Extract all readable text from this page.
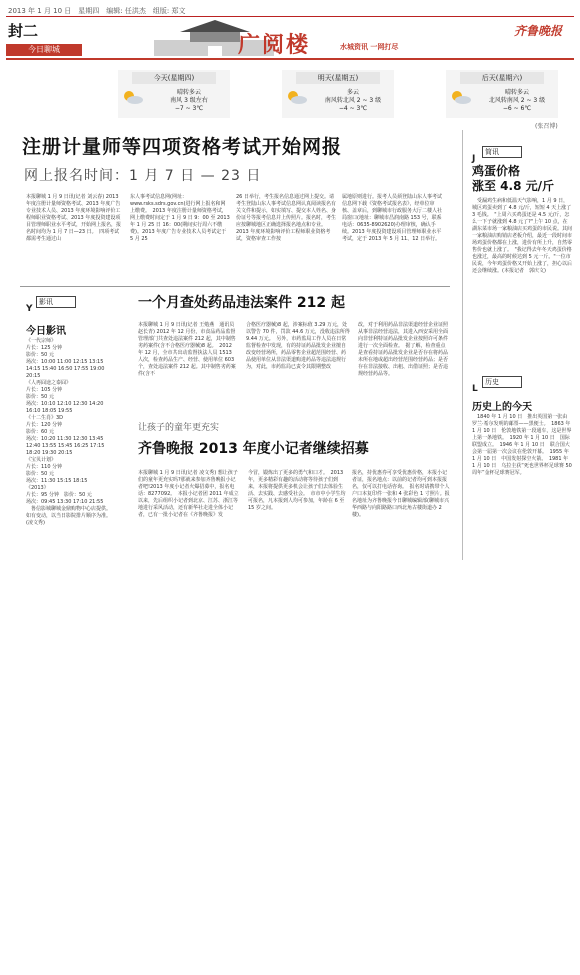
2013 年 1 月 10 日　星期四　编辑: 任洪杰　组版: 郑文
封二
今日聊城	广阅楼	水城资讯 一网打尽
齐鲁晚报
今天(星期四)
晴转多云
南风 3 级左右
−7 ~ 3℃
明天(星期五)
多云
南风转北风 2 ~ 3 级
−4 ~ 3℃
后天(星期六)
晴转多云
北风转南风 2 ~ 3 级
−6 ~ 6℃
(张召博)
注册计量师等四项资格考试开始网报
网上报名时间：1 月 7 日 — 23 日
本报聊城 1 月 9 日讯(记者 刘云春) 2013 年度注册计量师资格考试、2013 年度广告专业技术人员、2013 年度环境影响评价工程师职业资格考试、2013 年度投资建设项目管理师职业水平考试，开始网上报名，报名时间均为 1 月 7 日—23 日。　四项考试都需考生通过山
东人事考试信息网(网址：www.rsks.sdrs.gov.cn)进行网上报名和网上缴费。　2013 年度注册计量师资格考试，网上缴费时间定于 1 月 9 日 9：00 至 2013 年 1 月 25 日 16：00(期间实行周六不缴费)。2013 年度广告专业技术人员考试定于 5 月 25
26 日举行，考生报名信息通过网上提交。请考生登陆山东人事考试信息网认真阅读报名有关文件和提示，如实填写、提交本人姓名、身份证号等报考信息并上传照片。报名时，考生应按聊城地区正确选择报名地点和专业。　2013 年度环境影响评价工程师职业资格考试，资格审查工作按
属地原则进行。报考人员须登陆山东人事考试信息网下载《资格考试报名表》，经单位审核、盖章后，到聊城市行政服务大厅二楼人社局窗口(地址：聊城市昌润南路 153 号，联系电话：0635-8902620)办理审核，确认手续。2013 年度投资建设项目管理师职业水平考试，定于 2013 年 5 月 11、12 日举行。
Y影讯
今日影讯
《一代宗师》
片长：125 分钟
影价：50 元
场次：10:00 11:00 12:15 13:15 14:15 15:40 16:50 17:55 19:00 20:15
《人再囧途之泰囧》
片长：105 分钟
影价：50 元
场次：10:10 12:10 12:30 14:20 16:10 18:05 19:55
《十二生肖》3D
片长：120 分钟
影价：60 元
场次：10:20 11:30 12:30 13:45 12:40 13:55 15:45 16:25 17:15 18:20 19:30 20:15
《宝贝计划》
片长：110 分钟
影价：50 元
场次：11:30 15:15 18:15
《2013》
片长：95 分钟　影价：50 元
场次：09:45 13:30 17:10 21:55
　鲁信影城聊城金鼎购物中心店提供。如有变动，以当日影院排片顺序为准。　(凌文秀)
一个月查处药品违法案件 212 起
本报聊城 1 月 9 日讯(记者 王勉燕　通讯员 赵长青) 2012 年 12 月份，市食品药品监督管理部门共查处违法案件 212 起，其中制售劣药案件(含不合格医疗器械)8 起。　2012 年 12 月，全市共出动监督执法人员 1513 人次，检查药品生产、经营、使用单位 603 个，查处违法案件 212 起。其中制售劣药案件(含不
合格医疗器械)8 起，涉案标值 3.29 万元，处以警告 70 件，罚款 44.6 万元，没收违法所得 9.44 万元。　另外，市药监局工作人员在日常监督检查中发现，有的持证药品批发企业擅自改变经营场所，药品零售企业超范围经营、药品使用单位从非法渠道购进药品等违法违规行为，对此，市药监局已责令其限期整改
改，对于利用药品非法渠道经营企业证照从事非法经营违法，其进入西安采用全面向非营利特证药品批发企业按照许可条件进行一次全面检查。　据了解，检查重点是查看持证药品批发企业是否存在将药品未所在地或超出经营范围经营药品；是否存在非法接收、出租、出借证照；是否违规经营药品等。
让孩子的童年更充实
齐鲁晚报 2013 年度小记者继续招募
本报聊城 1 月 9 日讯(记者 凌文秀) 想让孩子们的童年更充实吗?那就来参加齐鲁晚报小记者吧!2013 年度小记者火爆招募中，报名电话：8277092。　本报小记者团 2011 年成立以来，先后组织小记者到北京、江苏、浙江等地进行采风活动，还有新华社走进全体小记者，已有一批小记者在《齐鲁晚报》发
今冒，锻炼出了更多的勇气和口才。　2013 年，更多精彩有趣的活动将等待孩子们到来，本报将提供更多机会让孩子们去体验生活、去实践、去感受社会。　市市中小学生均可报名，凡本报到人均可参加，年龄在 6 至 15 岁之间。
报名，持优惠券可享受优惠价格，本报小记者证，报名地点：以前的记者均可到本报报名，仅可以打电话咨询。　报名时请携带个人户口本复印件一张和 4 张彩色 1 寸照片。报名地址为齐鲁晚报今日聊城编辑部(聊城市兴华西路与向阳路路口西北角古楼街道办 2 楼)。
J简讯
鸡蛋价格
涨至 4.8 元/斤
　受漏鸡生病和低温天气影响，1 月 9 日，城区鸡蛋卖到了 4.8 元/斤，短短 4 天上涨了 3 毛钱。　"上周六买鸡蛋还是 4.5 元/斤，怎么一下子就涨到 4.8 元了?"上午 10 点，在湖东菜市场一家粮油店买鸡蛋的市民说。其间一家粮油店购销店老板介绍，最近一段时间市场鸡蛋价格都在上涨，进价有所上升，自然零售价也就上涨了。　"我记得去年冬天鸡蛋价格也涨过，最高的时候达到 5 元一斤。"一位市民说，今年鸡蛋价格又开始上涨了，担心以后还会继续涨。(本报记者　郭庆文)
L历史
历史上的今天
　1840 年 1 月 10 日　推出英国第一张由罗兰·希尔发明的邮票——黑便士。　1863 年 1 月 10 日　伦敦地铁第一段通车，这是世界上第一条地铁。　1920 年 1 月 10 日　国际联盟成立。　1946 年 1 月 10 日　联合国大会第一届第一次会议在伦敦开幕。　1955 年 1 月 10 日　中国发射探空火箭。　1981 年 1 月 10 日　乌拉圭获“死也世界杯足球赛 50 周年”金杯足球赛冠军。
